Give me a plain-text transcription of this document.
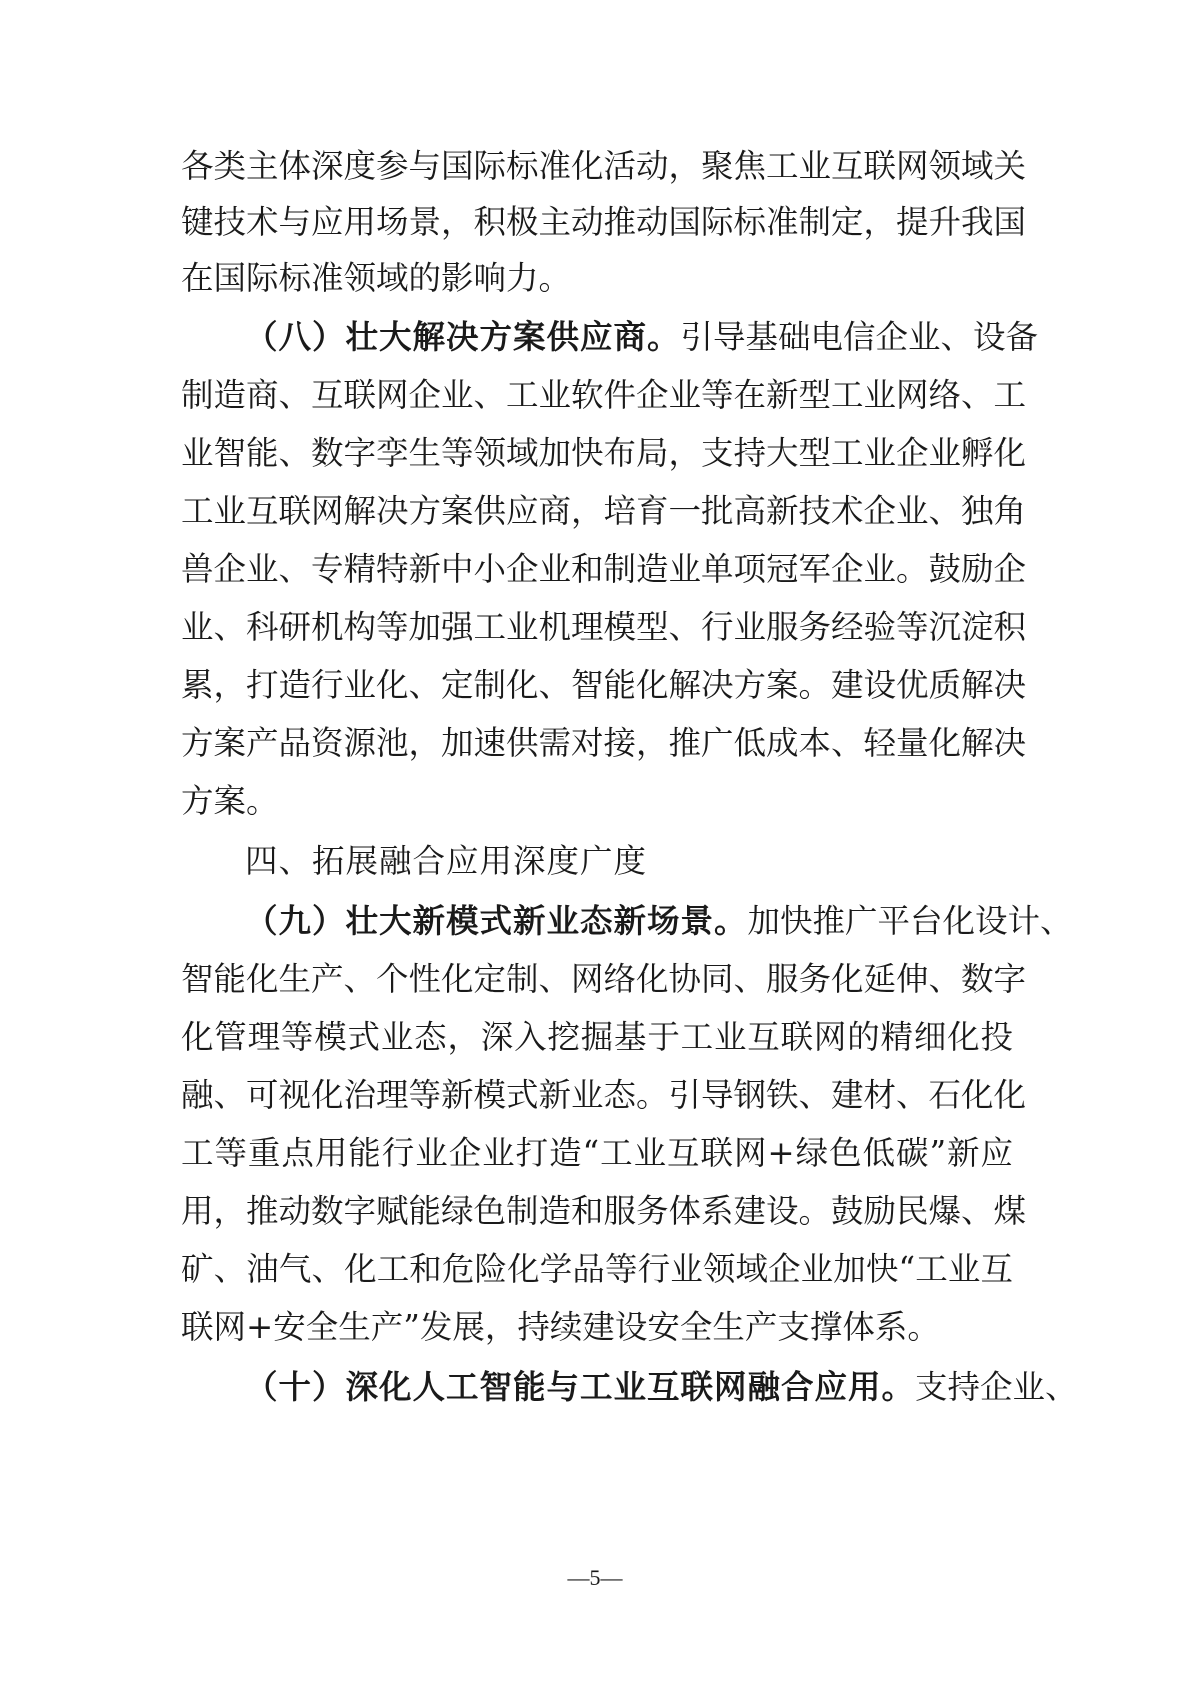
各类主体深度参与国际标准化活动，聚焦工业互联网领域关
键技术与应用场景，积极主动推动国际标准制定，提升我国
在国际标准领域的影响力。
（八）壮大解决方案供应商。引导基础电信企业、设备
制造商、互联网企业、工业软件企业等在新型工业网络、工
业智能、数字孪生等领域加快布局，支持大型工业企业孵化
工业互联网解决方案供应商，培育一批高新技术企业、独角
兽企业、专精特新中小企业和制造业单项冠军企业。鼓励企
业、科研机构等加强工业机理模型、行业服务经验等沉淀积
累，打造行业化、定制化、智能化解决方案。建设优质解决
方案产品资源池，加速供需对接，推广低成本、轻量化解决
方案。
四、拓展融合应用深度广度
（九）壮大新模式新业态新场景。加快推广平台化设计、
智能化生产、个性化定制、网络化协同、服务化延伸、数字
化管理等模式业态，深入挖掘基于工业互联网的精细化投
融、可视化治理等新模式新业态。引导钢铁、建材、石化化
工等重点用能行业企业打造“工业互联网+绿色低碳”新应
用，推动数字赋能绿色制造和服务体系建设。鼓励民爆、煤
矿、油气、化工和危险化学品等行业领域企业加快“工业互
联网+安全生产”发展，持续建设安全生产支撑体系。
（十）深化人工智能与工业互联网融合应用。支持企业、
—5—
